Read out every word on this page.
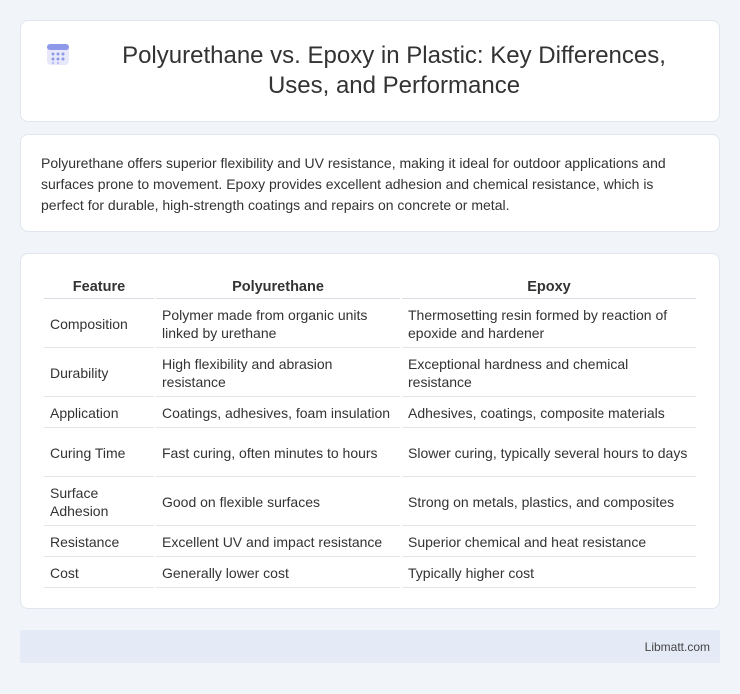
Polyurethane vs. Epoxy in Plastic: Key Differences, Uses, and Performance

Polyurethane offers superior flexibility and UV resistance, making it ideal for outdoor applications and surfaces prone to movement. Epoxy provides excellent adhesion and chemical resistance, which is perfect for durable, high-strength coatings and repairs on concrete or metal.

Feature	Polyurethane	Epoxy
Composition	Polymer made from organic units linked by urethane	Thermosetting resin formed by reaction of epoxide and hardener
Durability	High flexibility and abrasion resistance	Exceptional hardness and chemical resistance
Application	Coatings, adhesives, foam insulation	Adhesives, coatings, composite materials
Curing Time	Fast curing, often minutes to hours	Slower curing, typically several hours to days
Surface Adhesion	Good on flexible surfaces	Strong on metals, plastics, and composites
Resistance	Excellent UV and impact resistance	Superior chemical and heat resistance
Cost	Generally lower cost	Typically higher cost
Libmatt.com
